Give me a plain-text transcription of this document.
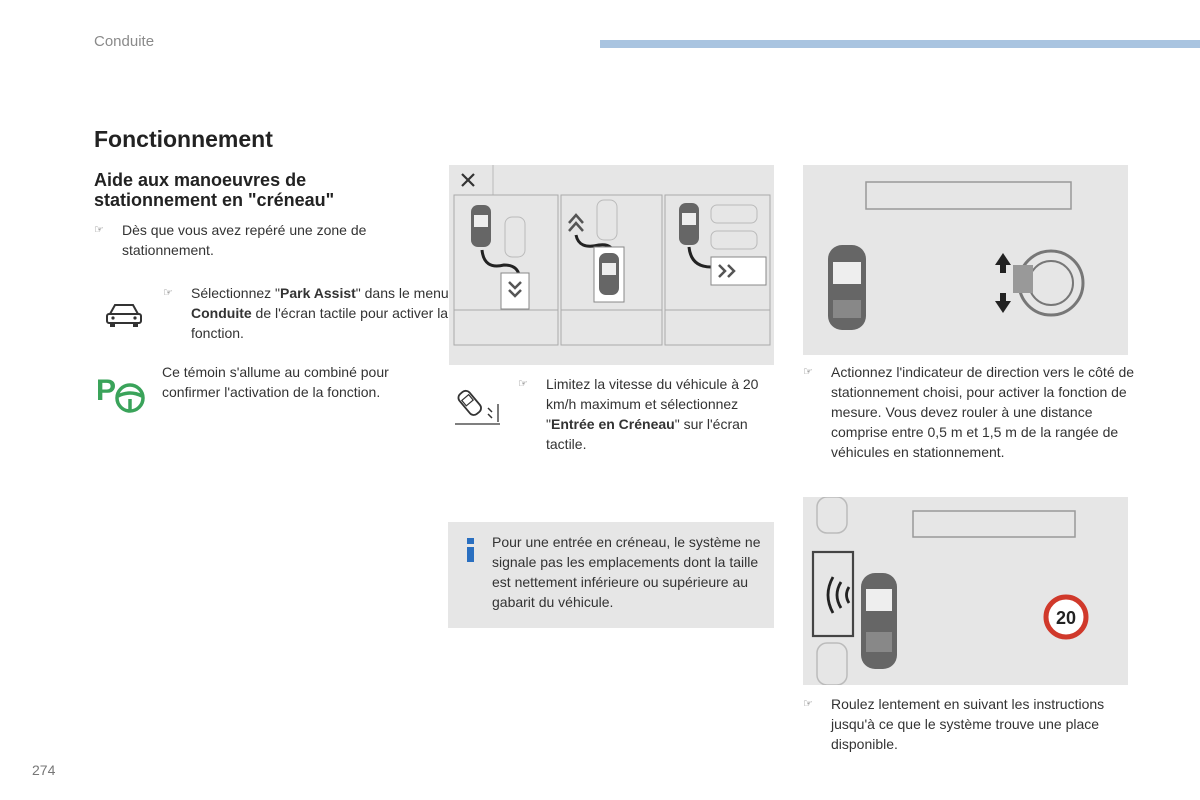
Conduite
Fonctionnement
Aide aux manoeuvres de stationnement en "créneau"
☞ Dès que vous avez repéré une zone de stationnement.
☞ Sélectionnez "Park Assist" dans le menu Conduite de l'écran tactile pour activer la fonction.
P
Ce témoin s'allume au combiné pour confirmer l'activation de la fonction.	☞ Limitez la vitesse du véhicule à 20 km/h maximum et sélectionnez "Entrée en Créneau" sur l'écran tactile.
Pour une entrée en créneau, le système ne signale pas les emplacements dont la taille est nettement inférieure ou supérieure au gabarit du véhicule.
☞ Actionnez l'indicateur de direction vers le côté de stationnement choisi, pour activer la fonction de mesure. Vous devez rouler à une distance comprise entre 0,5 m et 1,5 m de la rangée de véhicules en stationnement.
20
☞ Roulez lentement en suivant les instructions jusqu'à ce que le système trouve une place disponible.
274
